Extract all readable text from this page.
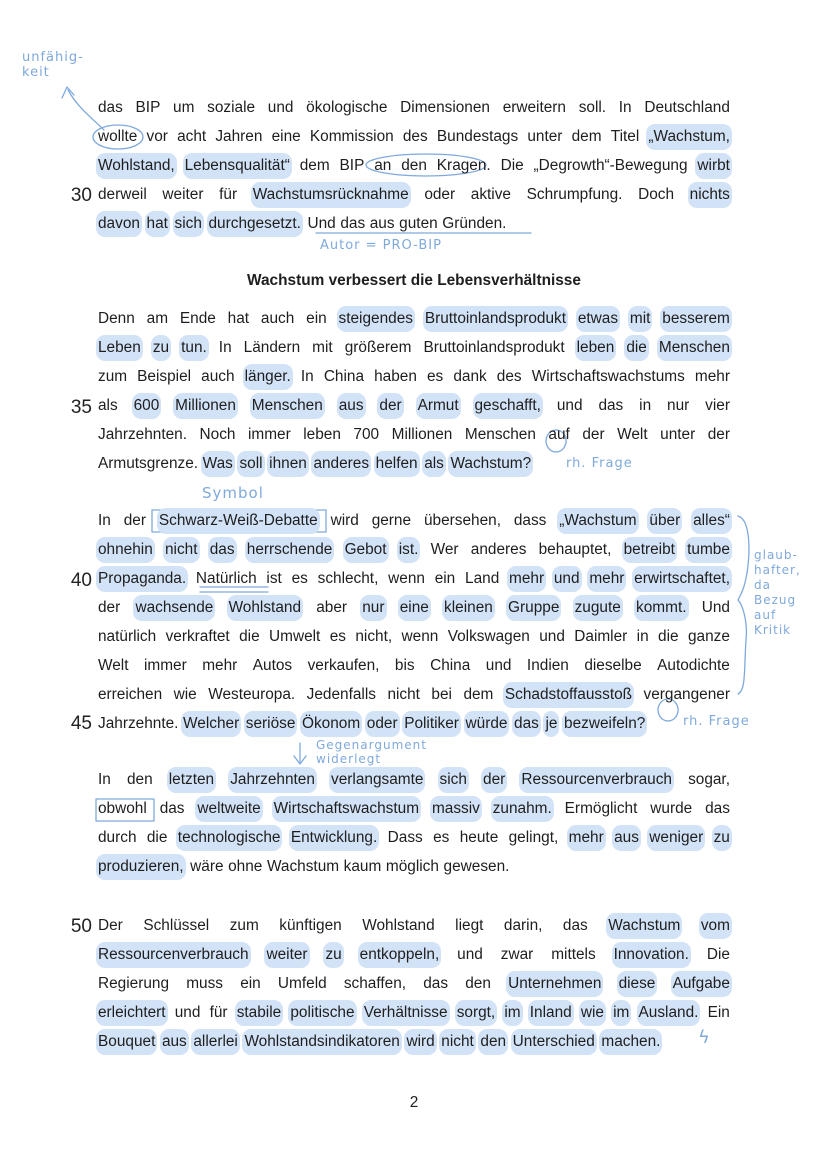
unfähig-
keit
Autor = PRO-BIP
Symbol
rh. Frage
rh. Frage
glaub-
hafter,
da
Bezug
auf
Kritik
Gegenargument
widerlegt
ϟ
30
35
40
45
50
Wachstum verbessert die Lebensverhältnisse
das BIP um soziale und ökologische Dimensionen erweitern soll. In Deutschland
wollte vor acht Jahren eine Kommission des Bundestags unter dem Titel „Wachstum,
Wohlstand, Lebensqualität“ dem BIP an den Kragen. Die „Degrowth“-Bewegung wirbt
derweil weiter für Wachstumsrücknahme oder aktive Schrumpfung. Doch nichts
davon hat sich durchgesetzt. Und das aus guten Gründen.
Denn am Ende hat auch ein steigendes Bruttoinlandsprodukt etwas mit besserem
Leben zu tun. In Ländern mit größerem Bruttoinlandsprodukt leben die Menschen
zum Beispiel auch länger. In China haben es dank des Wirtschaftswachstums mehr
als 600 Millionen Menschen aus der Armut geschafft, und das in nur vier
Jahrzehnten. Noch immer leben 700 Millionen Menschen auf der Welt unter der
Armutsgrenze. Was soll ihnen anderes helfen als Wachstum?
In der Schwarz-Weiß-Debatte wird gerne übersehen, dass „Wachstum über alles“
ohnehin nicht das herrschende Gebot ist. Wer anderes behauptet, betreibt tumbe
Propaganda. Natürlich ist es schlecht, wenn ein Land mehr und mehr erwirtschaftet,
der wachsende Wohlstand aber nur eine kleinen Gruppe zugute kommt. Und
natürlich verkraftet die Umwelt es nicht, wenn Volkswagen und Daimler in die ganze
Welt immer mehr Autos verkaufen, bis China und Indien dieselbe Autodichte
erreichen wie Westeuropa. Jedenfalls nicht bei dem Schadstoffausstoß vergangener
Jahrzehnte. Welcher seriöse Ökonom oder Politiker würde das je bezweifeln?
In den letzten Jahrzehnten verlangsamte sich der Ressourcenverbrauch sogar,
obwohl das weltweite Wirtschaftswachstum massiv zunahm. Ermöglicht wurde das
durch die technologische Entwicklung. Dass es heute gelingt, mehr aus weniger zu
produzieren, wäre ohne Wachstum kaum möglich gewesen.
Der Schlüssel zum künftigen Wohlstand liegt darin, das Wachstum vom
Ressourcenverbrauch weiter zu entkoppeln, und zwar mittels Innovation. Die
Regierung muss ein Umfeld schaffen, das den Unternehmen diese Aufgabe
erleichtert und für stabile politische Verhältnisse sorgt, im Inland wie im Ausland. Ein
Bouquet aus allerlei Wohlstandsindikatoren wird nicht den Unterschied machen.
2
